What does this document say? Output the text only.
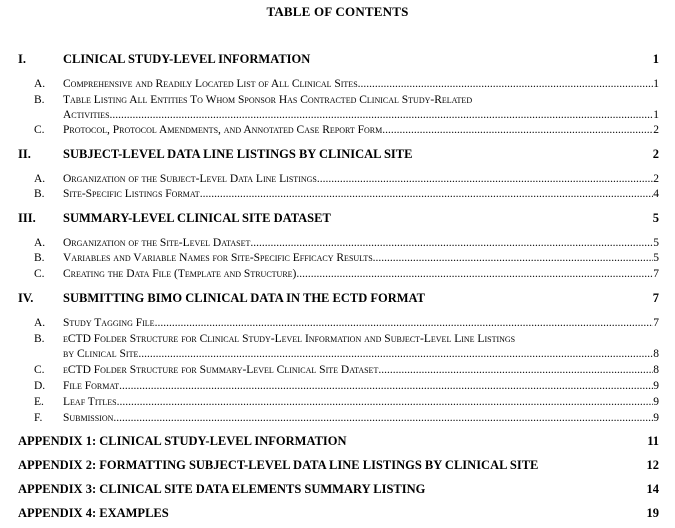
TABLE OF CONTENTS
I.	CLINICAL STUDY-LEVEL INFORMATION	1
A. Comprehensive and Readily Located List of All Clinical Sites .....	1
B. Table Listing All Entities To Whom Sponsor Has Contracted Clinical Study-Related
Activities .....	1
C. Protocol, Protocol Amendments, and Annotated Case Report Form .....	2
II.	SUBJECT-LEVEL DATA LINE LISTINGS BY CLINICAL SITE	2
A. Organization of the Subject-Level Data Line Listings .....	2
B. Site-Specific Listings Format .....	4
III. SUMMARY-LEVEL CLINICAL SITE DATASET	5
A. Organization of the Site-Level Dataset .....	5
B. Variables and Variable Names for Site-Specific Efficacy Results .....	5
C. Creating the Data File (Template and Structure) .....	7
IV. SUBMITTING BIMO CLINICAL DATA IN THE ECTD FORMAT	7
A. Study Tagging File .....	7
B. eCTD Folder Structure for Clinical Study-Level Information and Subject-Level Line Listings
by Clinical Site .....	8
C. eCTD Folder Structure for Summary-Level Clinical Site Dataset .....	8
D. File Format .....	9
E. Leaf Titles .....	9
F. Submission .....	9
APPENDIX 1: CLINICAL STUDY-LEVEL INFORMATION	11
APPENDIX 2: FORMATTING SUBJECT-LEVEL DATA LINE LISTINGS BY CLINICAL SITE	12
APPENDIX 3: CLINICAL SITE DATA ELEMENTS SUMMARY LISTING	14
APPENDIX 4: EXAMPLES	19
